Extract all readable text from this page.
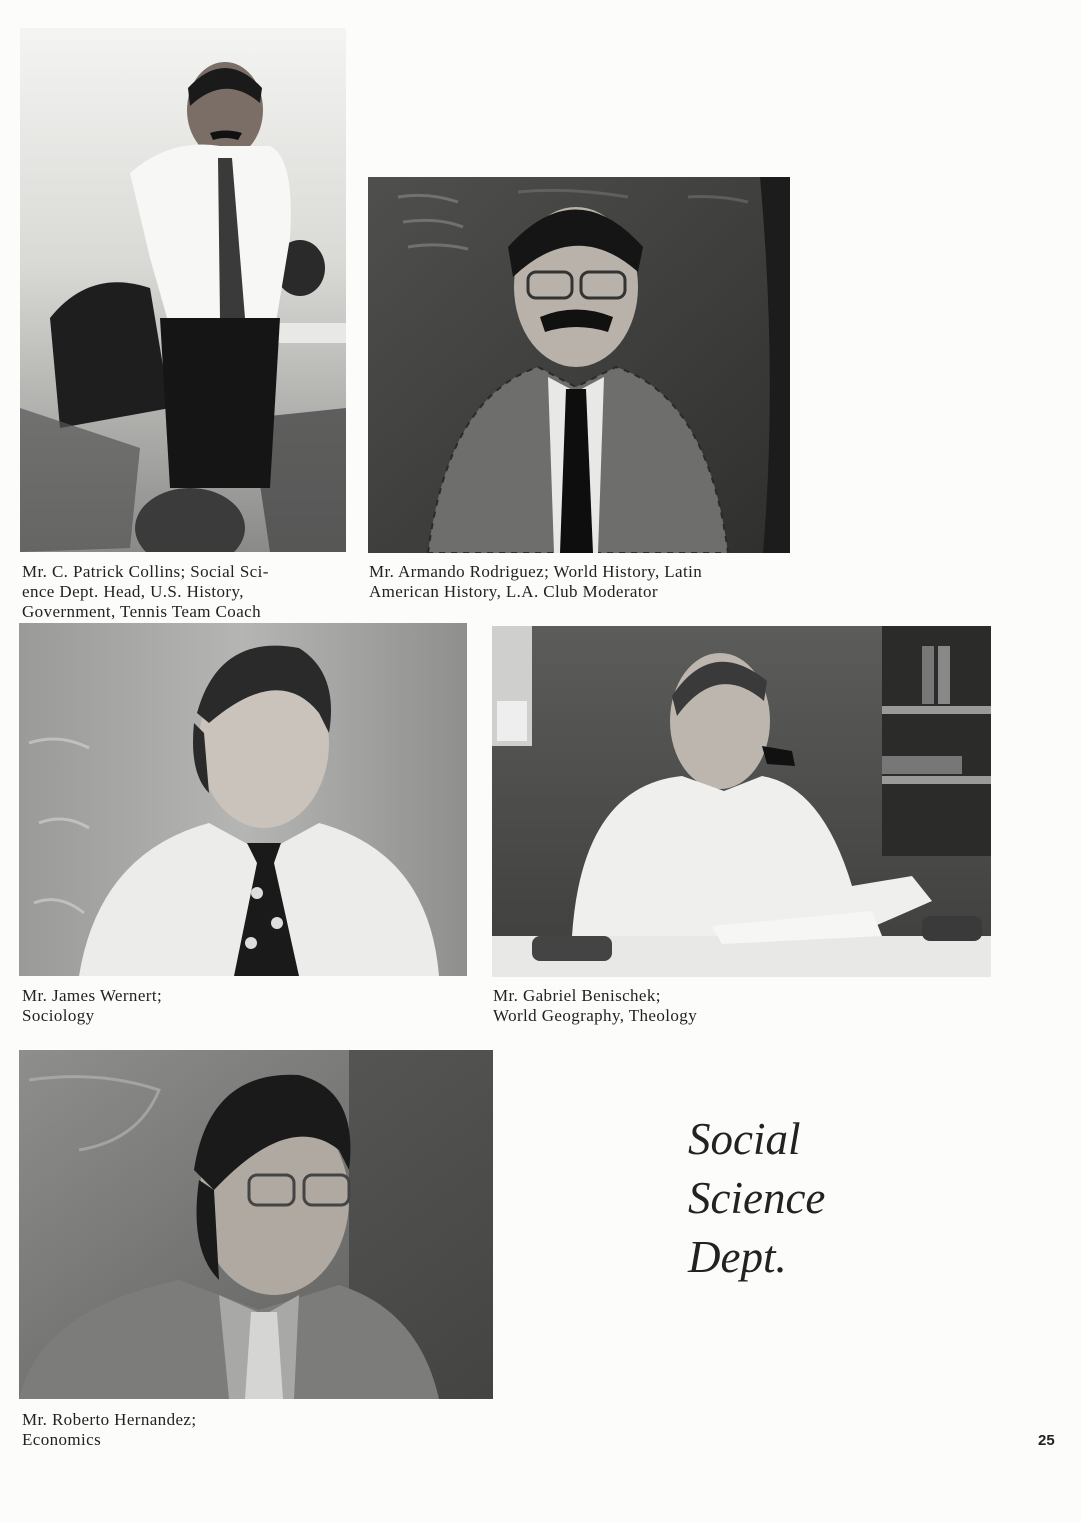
Mr. C. Patrick Collins; Social Sci-
ence Dept. Head, U.S. History,
Government, Tennis Team Coach
Mr. Armando Rodriguez; World History, Latin
American History, L.A. Club Moderator
Mr. James Wernert;
Sociology
Mr. Gabriel Benischek;
World Geography, Theology
Mr. Roberto Hernandez;
Economics
Social
Science
Dept.
25
